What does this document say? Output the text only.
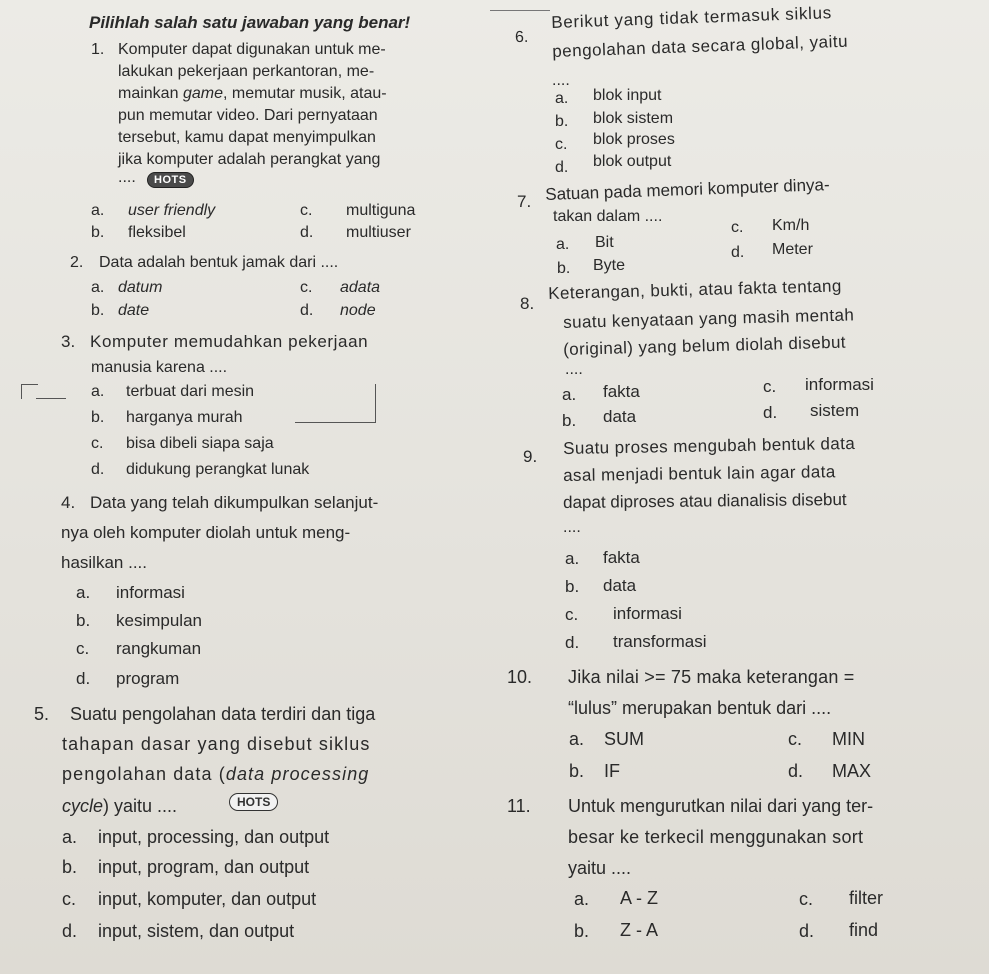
Pilihlah salah satu jawaban yang benar!
1. Komputer dapat digunakan untuk me-
lakukan pekerjaan perkantoran, me-
mainkan game, memutar musik, atau-
pun memutar video. Dari pernyataan
tersebut, kamu dapat menyimpulkan
jika komputer adalah perangkat yang
....	HOTS
a. user friendly	c. multiguna
b. fleksibel	d. multiuser
2. Data adalah bentuk jamak dari ....
a. datum	c. adata
b. date	d. node
3. Komputer memudahkan pekerjaan
manusia karena ....
a. terbuat dari mesin
b. harganya murah
c. bisa dibeli siapa saja
d. didukung perangkat lunak
4. Data yang telah dikumpulkan selanjut-
nya oleh komputer diolah untuk meng-
hasilkan ....
a. informasi
b. kesimpulan
c. rangkuman
d. program
5. Suatu pengolahan data terdiri dan tiga
tahapan dasar yang disebut siklus
pengolahan data (data processing
cycle) yaitu ....	HOTS
a. input, processing, dan output
b. input, program, dan output
c. input, komputer, dan output
d. input, sistem, dan output
6.
Berikut yang tidak termasuk siklus
pengolahan data secara global, yaitu
....
a. blok input
b. blok sistem
c. blok proses
d. blok output
7. Satuan pada memori komputer dinya-
takan dalam ....
a. Bit
b. Byte
c. Km/h
d. Meter
8.
Keterangan, bukti, atau fakta tentang
suatu kenyataan yang masih mentah
(original) yang belum diolah disebut
....
a. fakta
b. data
c. informasi
d. sistem
9. Suatu proses mengubah bentuk data
asal menjadi bentuk lain agar data
dapat diproses atau dianalisis disebut
....
a. fakta
b. data
c. informasi
d. transformasi
10. Jika nilai >= 75 maka keterangan =
“lulus” merupakan bentuk dari ....
a. SUM
b. IF
c. MIN
d. MAX
11. Untuk mengurutkan nilai dari yang ter-
besar ke terkecil menggunakan sort
yaitu ....
a. A - Z
b. Z - A
c. filter
d. find
